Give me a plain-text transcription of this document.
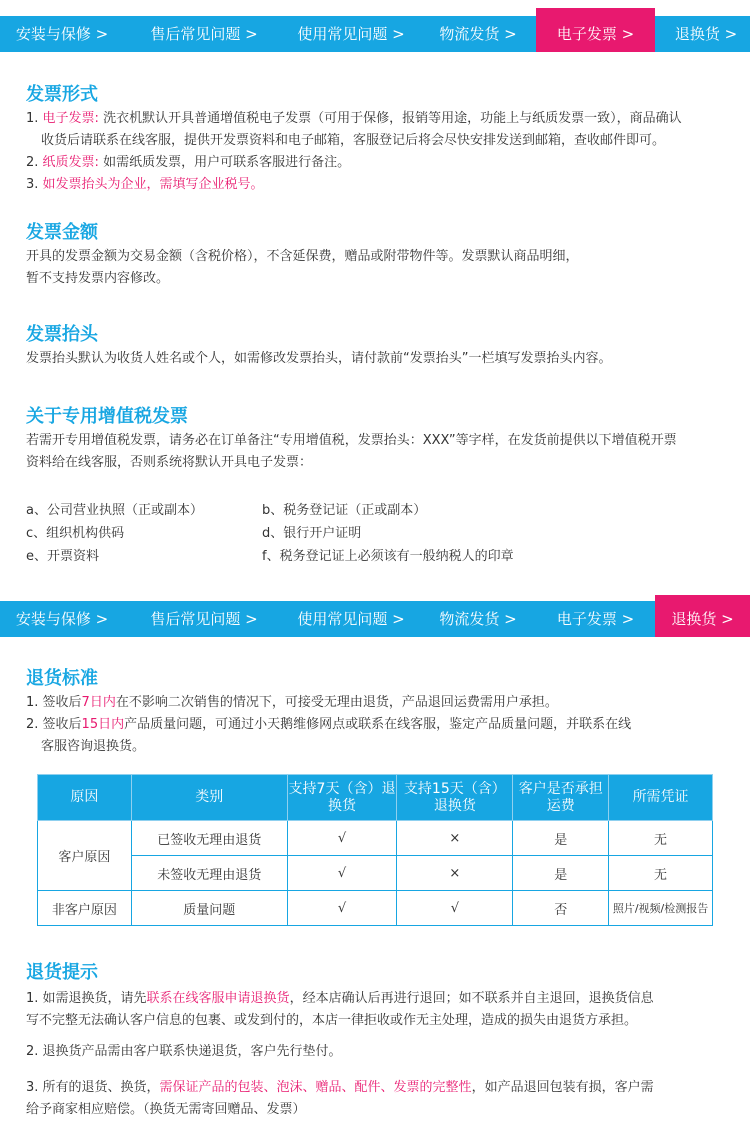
安装与保修 >	售后常见问题 >	使用常见问题 >	物流发货 >	电子发票 >	退换货 >
发票形式
1. 电子发票: 洗衣机默认开具普通增值税电子发票（可用于保修，报销等用途，功能上与纸质发票一致），商品确认
收货后请联系在线客服，提供开发票资料和电子邮箱，客服登记后将会尽快安排发送到邮箱，查收邮件即可。
2. 纸质发票: 如需纸质发票，用户可联系客服进行备注。
3. 如发票抬头为企业，需填写企业税号。
发票金额
开具的发票金额为交易金额（含税价格），不含延保费，赠品或附带物件等。发票默认商品明细，
暂不支持发票内容修改。
发票抬头
发票抬头默认为收货人姓名或个人，如需修改发票抬头，请付款前“发票抬头”一栏填写发票抬头内容。
关于专用增值税发票
若需开专用增值税发票，请务必在订单备注“专用增值税，发票抬头：XXX”等字样，在发货前提供以下增值税开票
资料给在线客服，否则系统将默认开具电子发票：
a、公司营业执照（正或副本）	b、税务登记证（正或副本）
c、组织机构供码	d、银行开户证明
e、开票资料	f、税务登记证上必须该有一般纳税人的印章
安装与保修 >	售后常见问题 >	使用常见问题 >	物流发货 >	电子发票 >	退换货 >
退货标准
1. 签收后7日内在不影响二次销售的情况下，可接受无理由退货，产品退回运费需用户承担。
2. 签收后15日内产品质量问题，可通过小天鹅维修网点或联系在线客服，鉴定产品质量问题，并联系在线
客服咨询退换货。
原因	类别	支持7天（含）退换货	支持15天（含）退换货	客户是否承担运费	所需凭证
客户原因	已签收无理由退货	√	×	是	无
	未签收无理由退货	√	×	是	无
非客户原因	质量问题	√	√	否	照片/视频/检测报告
退货提示
1. 如需退换货，请先联系在线客服申请退换货，经本店确认后再进行退回；如不联系并自主退回，退换货信息
写不完整无法确认客户信息的包裹、或发到付的，本店一律拒收或作无主处理，造成的损失由退货方承担。
2. 退换货产品需由客户联系快递退货，客户先行垫付。
3. 所有的退货、换货，需保证产品的包装、泡沫、赠品、配件、发票的完整性，如产品退回包装有损，客户需
给予商家相应赔偿。（换货无需寄回赠品、发票）
